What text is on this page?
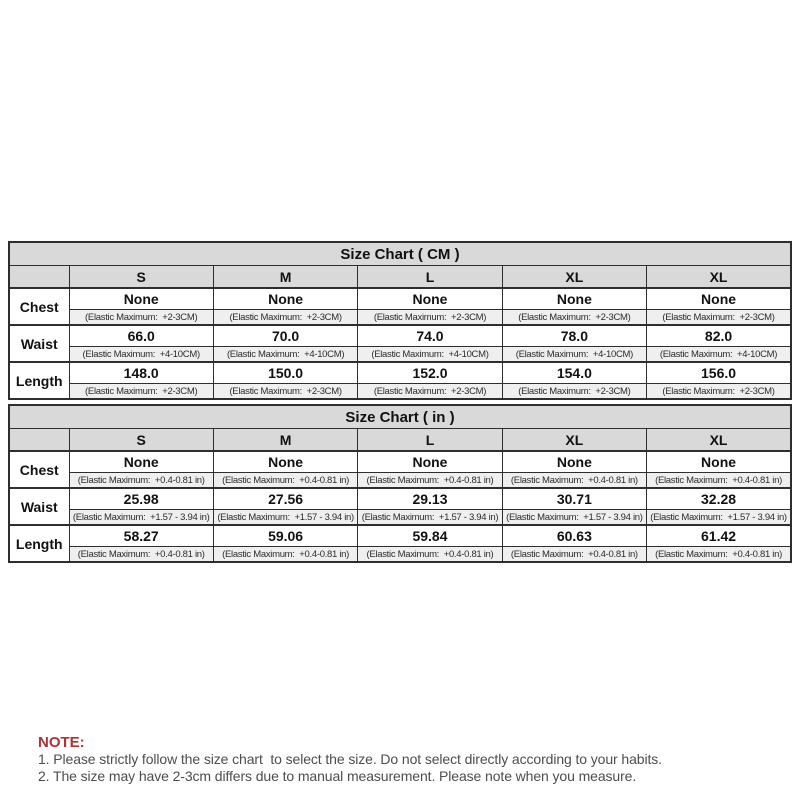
Size Chart ( CM )					
	S	M	L	XL	XL
Chest	None	None	None	None	None
	(Elastic Maximum:  +2-3CM)	(Elastic Maximum:  +2-3CM)	(Elastic Maximum:  +2-3CM)	(Elastic Maximum:  +2-3CM)	(Elastic Maximum:  +2-3CM)
Waist	66.0	70.0	74.0	78.0	82.0
	(Elastic Maximum:  +4-10CM)	(Elastic Maximum:  +4-10CM)	(Elastic Maximum:  +4-10CM)	(Elastic Maximum:  +4-10CM)	(Elastic Maximum:  +4-10CM)
Length	148.0	150.0	152.0	154.0	156.0
	(Elastic Maximum:  +2-3CM)	(Elastic Maximum:  +2-3CM)	(Elastic Maximum:  +2-3CM)	(Elastic Maximum:  +2-3CM)	(Elastic Maximum:  +2-3CM)
Size Chart ( in )					
	S	M	L	XL	XL
Chest	None	None	None	None	None
	(Elastic Maximum:  +0.4-0.81 in)	(Elastic Maximum:  +0.4-0.81 in)	(Elastic Maximum:  +0.4-0.81 in)	(Elastic Maximum:  +0.4-0.81 in)	(Elastic Maximum:  +0.4-0.81 in)
Waist	25.98	27.56	29.13	30.71	32.28
	(Elastic Maximum:  +1.57 - 3.94 in)	(Elastic Maximum:  +1.57 - 3.94 in)	(Elastic Maximum:  +1.57 - 3.94 in)	(Elastic Maximum:  +1.57 - 3.94 in)	(Elastic Maximum:  +1.57 - 3.94 in)
Length	58.27	59.06	59.84	60.63	61.42
	(Elastic Maximum:  +0.4-0.81 in)	(Elastic Maximum:  +0.4-0.81 in)	(Elastic Maximum:  +0.4-0.81 in)	(Elastic Maximum:  +0.4-0.81 in)	(Elastic Maximum:  +0.4-0.81 in)
NOTE:
1. Please strictly follow the size chart  to select the size. Do not select directly according to your habits.
2. The size may have 2-3cm differs due to manual measurement. Please note when you measure.
